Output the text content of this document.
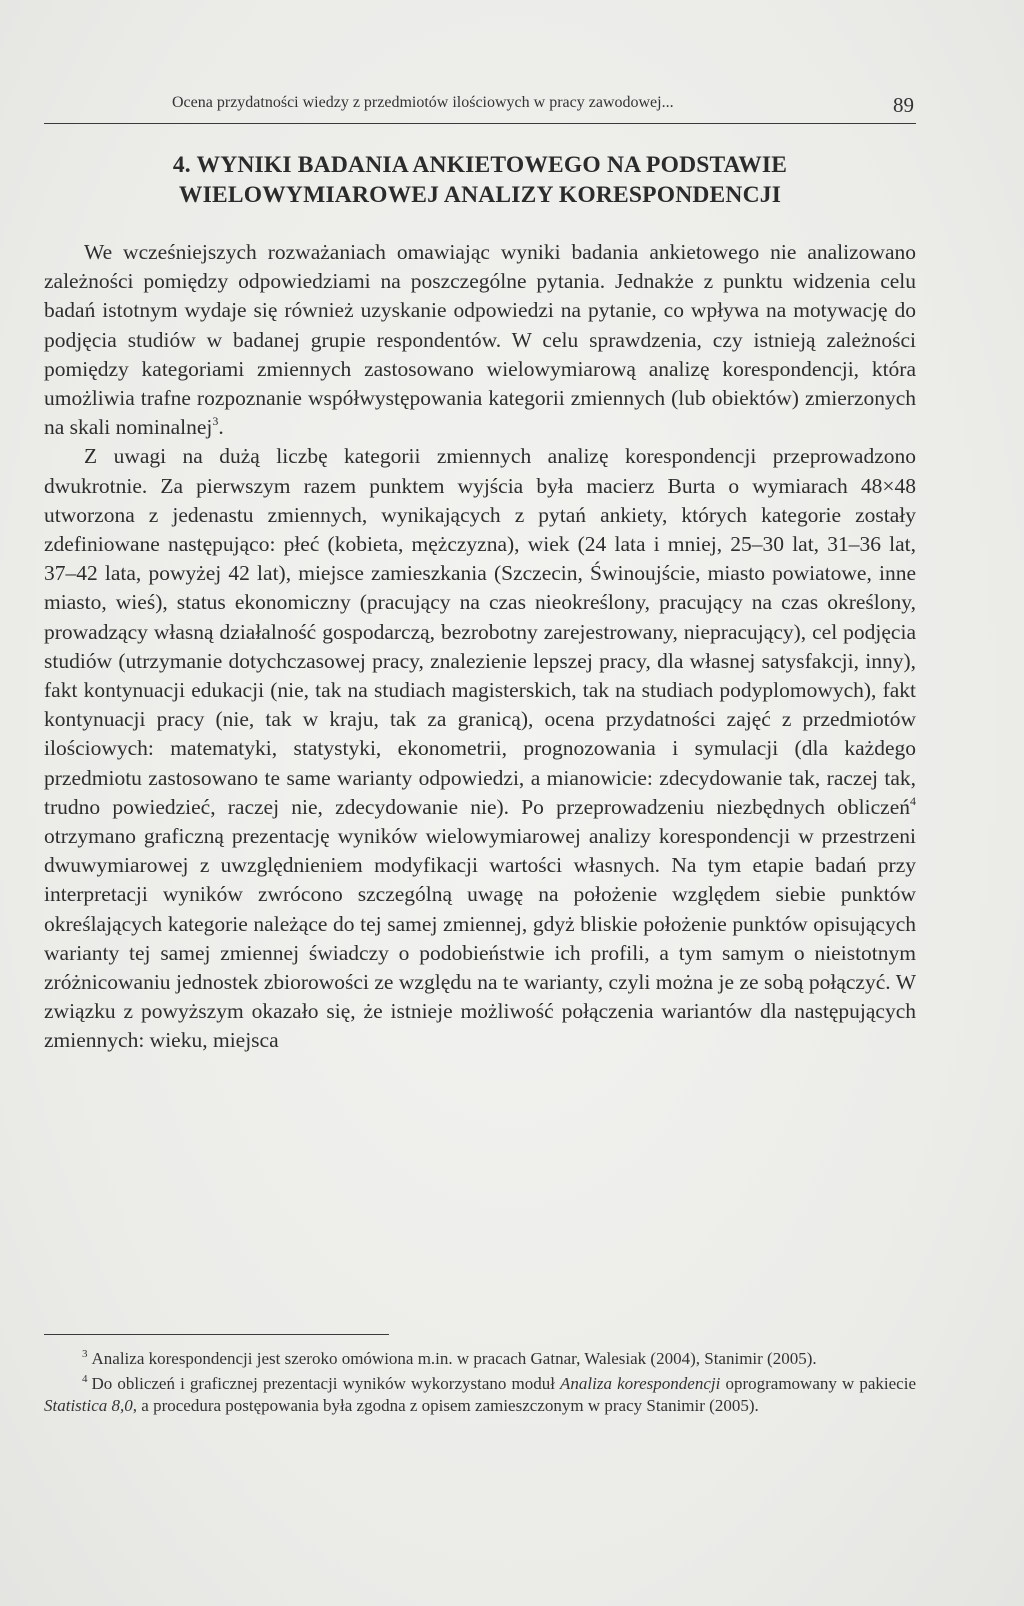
Ocena przydatności wiedzy z przedmiotów ilościowych w pracy zawodowej...	89
4. WYNIKI BADANIA ANKIETOWEGO NA PODSTAWIE
WIELOWYMIAROWEJ ANALIZY KORESPONDENCJI

We wcześniejszych rozważaniach omawiając wyniki badania ankietowego nie analizowano zależności pomiędzy odpowiedziami na poszczególne pytania. Jednakże z punktu widzenia celu badań istotnym wydaje się również uzyskanie odpowiedzi na pytanie, co wpływa na motywację do podjęcia studiów w badanej grupie respondentów. W celu sprawdzenia, czy istnieją zależności pomiędzy kategoriami zmiennych zastosowano wielowymiarową analizę korespondencji, która umożliwia trafne rozpoznanie współwystępowania kategorii zmiennych (lub obiektów) zmierzonych na skali nominalnej$^3$.

Z uwagi na dużą liczbę kategorii zmiennych analizę korespondencji przeprowadzono dwukrotnie. Za pierwszym razem punktem wyjścia była macierz Burta o wymiarach 48×48 utworzona z jedenastu zmiennych, wynikających z pytań ankiety, których kategorie zostały zdefiniowane następująco: płeć (kobieta, mężczyzna), wiek (24 lata i mniej, 25–30 lat, 31–36 lat, 37–42 lata, powyżej 42 lat), miejsce zamieszkania (Szczecin, Świnoujście, miasto powiatowe, inne miasto, wieś), status ekonomiczny (pracujący na czas nieokreślony, pracujący na czas określony, prowadzący własną działalność gospodarczą, bezrobotny zarejestrowany, niepracujący), cel podjęcia studiów (utrzymanie dotychczasowej pracy, znalezienie lepszej pracy, dla własnej satysfakcji, inny), fakt kontynuacji edukacji (nie, tak na studiach magisterskich, tak na studiach podyplomowych), fakt kontynuacji pracy (nie, tak w kraju, tak za granicą), ocena przydatności zajęć z przedmiotów ilościowych: matematyki, statystyki, ekonometrii, prognozowania i symulacji (dla każdego przedmiotu zastosowano te same warianty odpowiedzi, a mianowicie: zdecydowanie tak, raczej tak, trudno powiedzieć, raczej nie, zdecydowanie nie). Po przeprowadzeniu niezbędnych obliczeń$^4$ otrzymano graficzną prezentację wyników wielowymiarowej analizy korespondencji w przestrzeni dwuwymiarowej z uwzględnieniem modyfikacji wartości własnych. Na tym etapie badań przy interpretacji wyników zwrócono szczególną uwagę na położenie względem siebie punktów określających kategorie należące do tej samej zmiennej, gdyż bliskie położenie punktów opisujących warianty tej samej zmiennej świadczy o podobieństwie ich profili, a tym samym o nieistotnym zróżnicowaniu jednostek zbiorowości ze względu na te warianty, czyli można je ze sobą połączyć. W związku z powyższym okazało się, że istnieje możliwość połączenia wariantów dla następujących zmiennych: wieku, miejsca

$^3$ Analiza korespondencji jest szeroko omówiona m.in. w pracach Gatnar, Walesiak (2004), Stanimir (2005).

$^4$ Do obliczeń i graficznej prezentacji wyników wykorzystano moduł Analiza korespondencji oprogramowany w pakiecie Statistica 8,0, a procedura postępowania była zgodna z opisem zamieszczonym w pracy Stanimir (2005).
